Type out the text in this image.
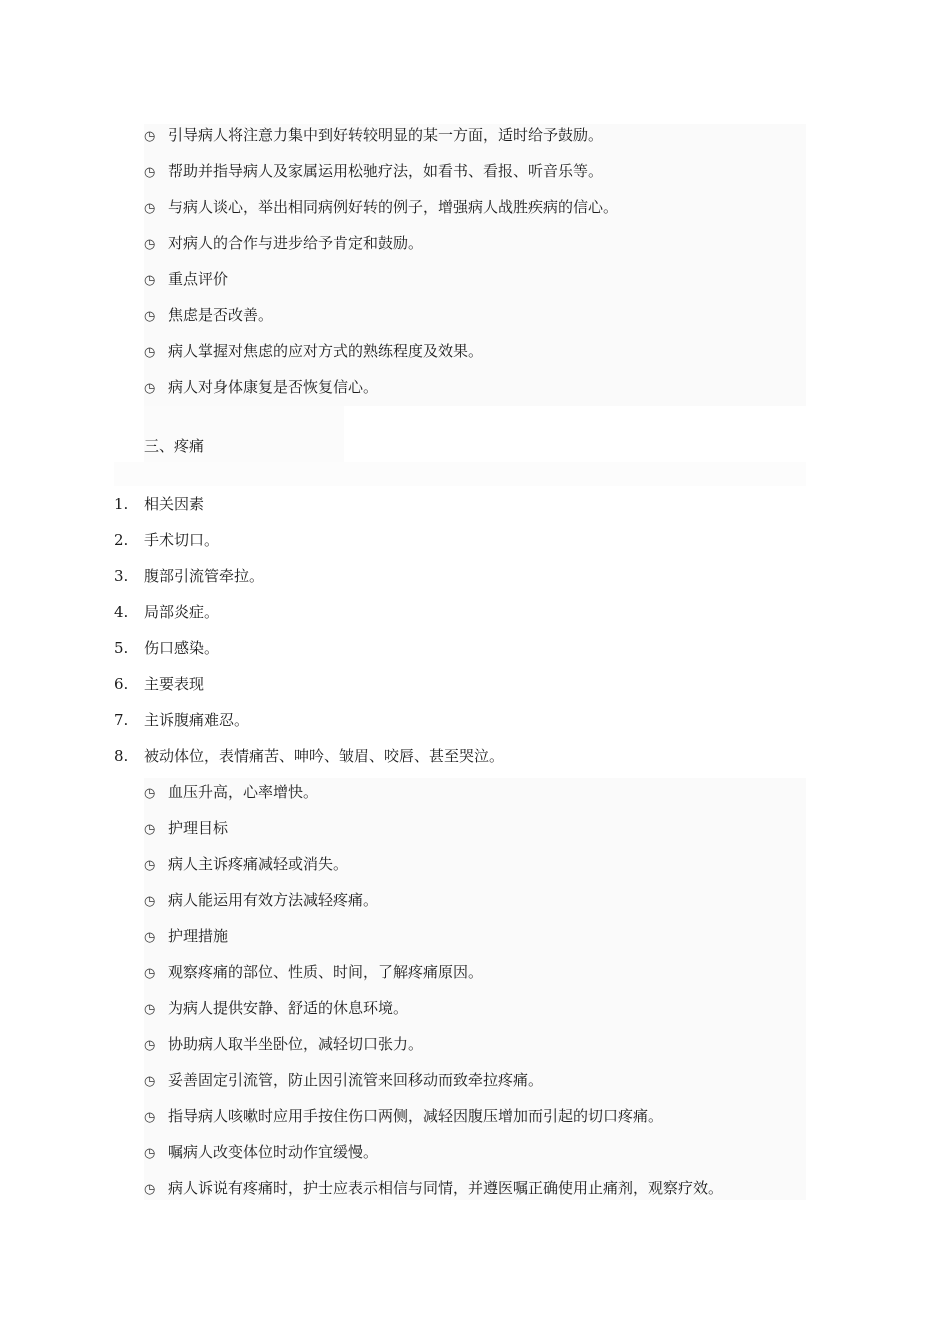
◷ 引导病人将注意力集中到好转较明显的某一方面，适时给予鼓励。
◷ 帮助并指导病人及家属运用松驰疗法，如看书、看报、听音乐等。
◷ 与病人谈心，举出相同病例好转的例子，增强病人战胜疾病的信心。
◷ 对病人的合作与进步给予肯定和鼓励。
◷ 重点评价
◷ 焦虑是否改善。
◷ 病人掌握对焦虑的应对方式的熟练程度及效果。
◷ 病人对身体康复是否恢复信心。
三、疼痛
1. 相关因素
2. 手术切口。
3. 腹部引流管牵拉。
4. 局部炎症。
5. 伤口感染。
6. 主要表现
7. 主诉腹痛难忍。
8. 被动体位，表情痛苦、呻吟、皱眉、咬唇、甚至哭泣。
◷ 血压升高，心率增快。
◷ 护理目标
◷ 病人主诉疼痛减轻或消失。
◷ 病人能运用有效方法减轻疼痛。
◷ 护理措施
◷ 观察疼痛的部位、性质、时间，了解疼痛原因。
◷ 为病人提供安静、舒适的休息环境。
◷ 协助病人取半坐卧位，减轻切口张力。
◷ 妥善固定引流管，防止因引流管来回移动而致牵拉疼痛。
◷ 指导病人咳嗽时应用手按住伤口两侧，减轻因腹压增加而引起的切口疼痛。
◷ 嘱病人改变体位时动作宜缓慢。
◷ 病人诉说有疼痛时，护士应表示相信与同情，并遵医嘱正确使用止痛剂，观察疗效。
